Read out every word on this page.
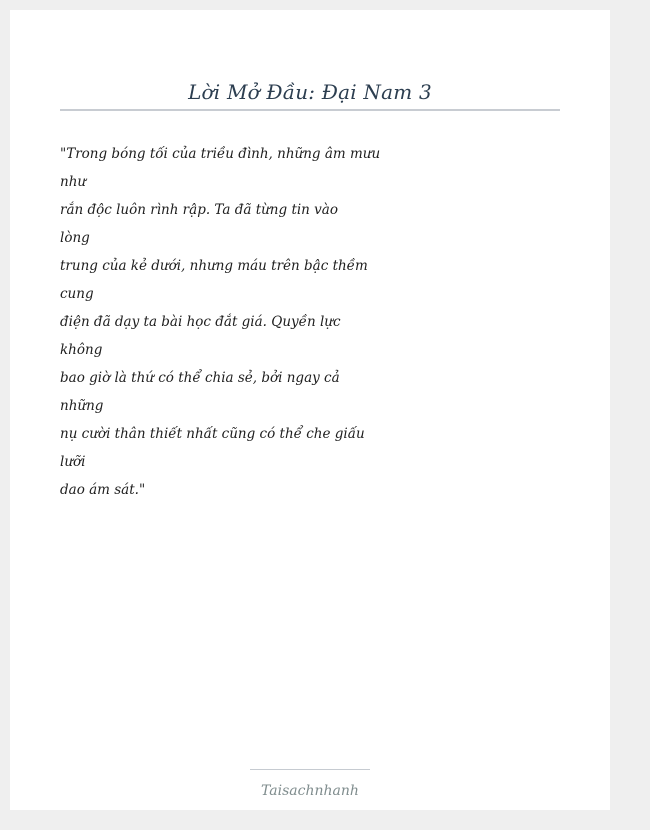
Lời Mở Đầu: Đại Nam 3
"Trong bóng tối của triều đình, những âm mưu
như
rắn độc luôn rình rập. Ta đã từng tin vào
lòng
trung của kẻ dưới, nhưng máu trên bậc thềm
cung
điện đã dạy ta bài học đắt giá. Quyền lực
không
bao giờ là thứ có thể chia sẻ, bởi ngay cả
những
nụ cười thân thiết nhất cũng có thể che giấu
lưỡi
dao ám sát."
Taisachnhanh
